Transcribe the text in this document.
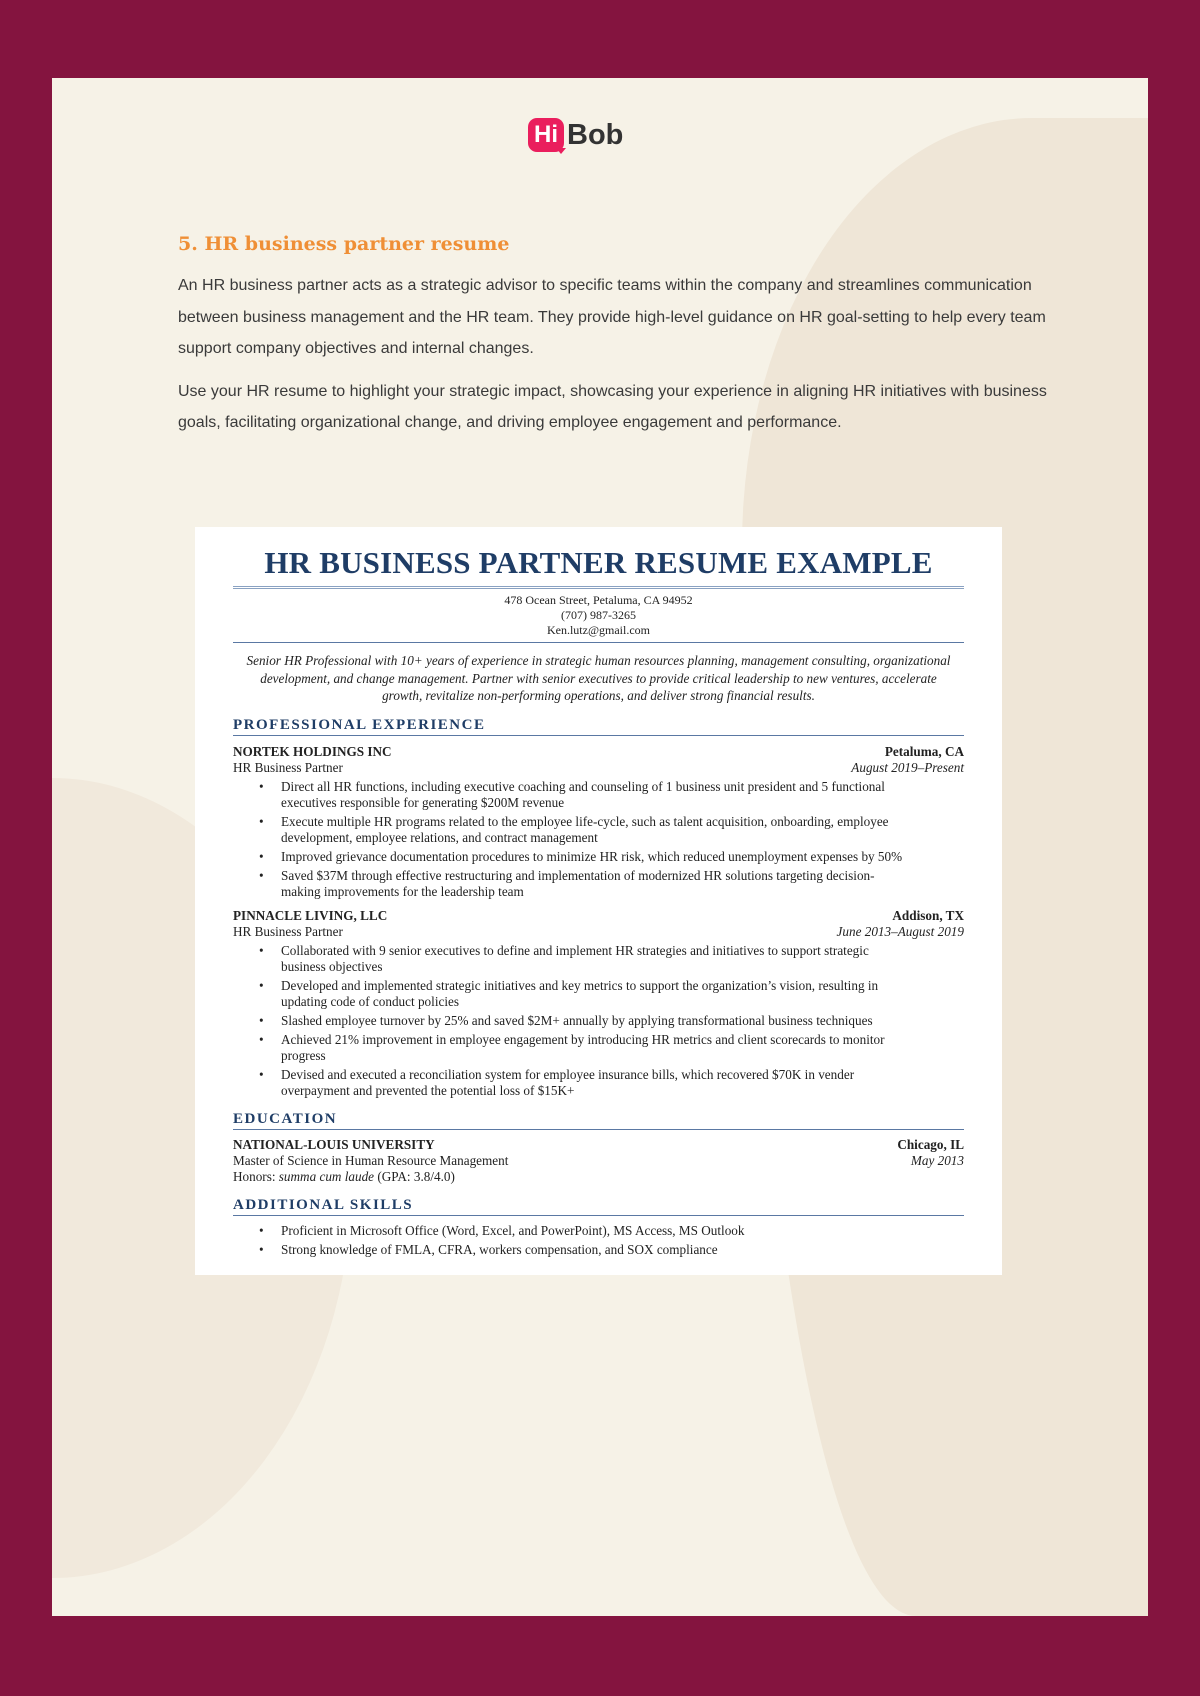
Hi Bob
5. HR business partner resume

An HR business partner acts as a strategic advisor to specific teams within the company and streamlines communication between business management and the HR team. They provide high-level guidance on HR goal-setting to help every team support company objectives and internal changes.

Use your HR resume to highlight your strategic impact, showcasing your experience in aligning HR initiatives with business goals, facilitating organizational change, and driving employee engagement and performance.

HR BUSINESS PARTNER RESUME EXAMPLE
478 Ocean Street, Petaluma, CA 94952
(707) 987-3265
Ken.lutz@gmail.com
Senior HR Professional with 10+ years of experience in strategic human resources planning, management consulting, organizational development, and change management. Partner with senior executives to provide critical leadership to new ventures, accelerate growth, revitalize non-performing operations, and deliver strong financial results.
PROFESSIONAL EXPERIENCE
NORTEK HOLDINGS INC	Petaluma, CA
HR Business Partner	August 2019–Present
• Direct all HR functions, including executive coaching and counseling of 1 business unit president and 5 functional executives responsible for generating $200M revenue
• Execute multiple HR programs related to the employee life-cycle, such as talent acquisition, onboarding, employee development, employee relations, and contract management
• Improved grievance documentation procedures to minimize HR risk, which reduced unemployment expenses by 50%
• Saved $37M through effective restructuring and implementation of modernized HR solutions targeting decision-making improvements for the leadership team
PINNACLE LIVING, LLC	Addison, TX
HR Business Partner	June 2013–August 2019
• Collaborated with 9 senior executives to define and implement HR strategies and initiatives to support strategic business objectives
• Developed and implemented strategic initiatives and key metrics to support the organization’s vision, resulting in updating code of conduct policies
• Slashed employee turnover by 25% and saved $2M+ annually by applying transformational business techniques
• Achieved 21% improvement in employee engagement by introducing HR metrics and client scorecards to monitor progress
• Devised and executed a reconciliation system for employee insurance bills, which recovered $70K in vender overpayment and prevented the potential loss of $15K+
EDUCATION
NATIONAL-LOUIS UNIVERSITY	Chicago, IL
Master of Science in Human Resource Management	May 2013
Honors: summa cum laude (GPA: 3.8/4.0)
ADDITIONAL SKILLS
• Proficient in Microsoft Office (Word, Excel, and PowerPoint), MS Access, MS Outlook
• Strong knowledge of FMLA, CFRA, workers compensation, and SOX compliance
